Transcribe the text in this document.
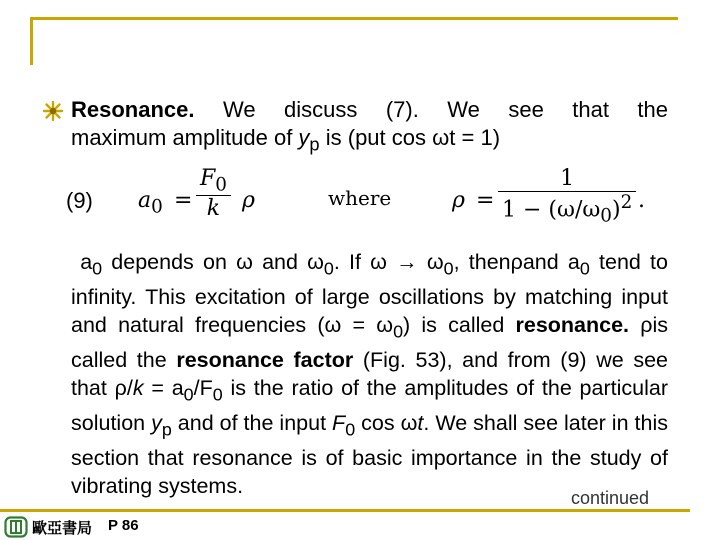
Resonance. We discuss (7). We see that the
maximum amplitude of $y_p$ is (put cos ωt = 1)
(9) $a_0 = \frac{F_0}{k}$ ρ	where	$\rho = \frac{1}{1 - (\omega/\omega_0)^2}$ .

$a_0$ depends on ω and $\omega_0$. If $\omega \to \omega_0$, thenρand $a_0$ tend to infinity. This excitation of large oscillations by matching input and natural frequencies $(\omega = \omega_0)$ is called resonance. ρis called the resonance factor (Fig. 53), and from (9) we see that $\rho/k = a_0/F_0$ is the ratio of the amplitudes of the particular solution $y_p$ and of the input $F_0$ cos ωt. We shall see later in this section that resonance is of basic importance in the study of vibrating systems.	continued
歐亞書局 P 86
